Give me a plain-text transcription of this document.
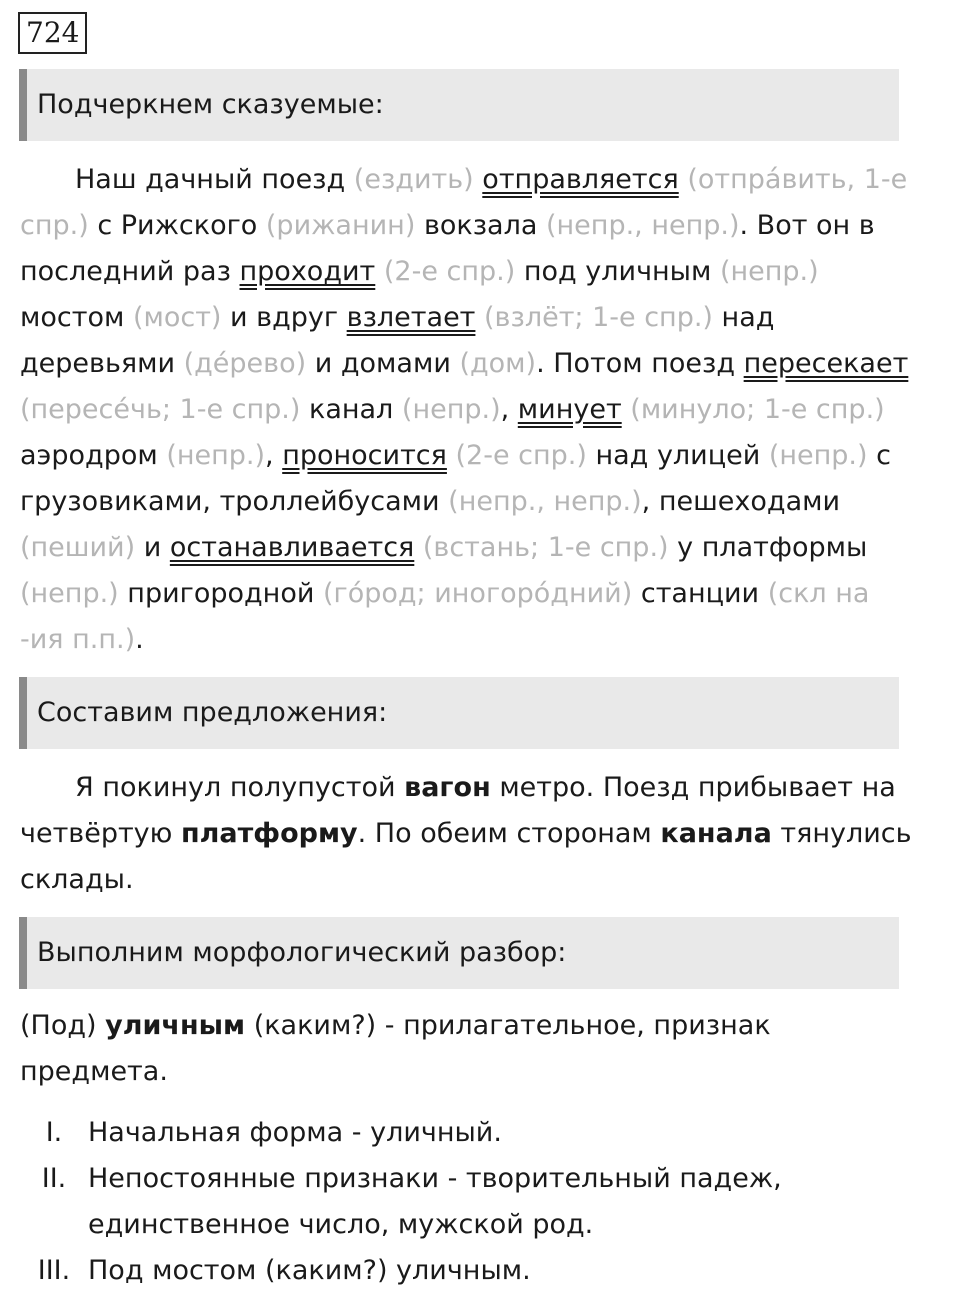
724
Подчеркнем сказуемые:
Наш дачный поезд (ездить) отправляется (отпра́вить, 1-е спр.) с Рижского (рижанин) вокзала (непр., непр.). Вот он в последний раз проходит (2-е спр.) под уличным (непр.) мостом (мост) и вдруг взлетает (взлёт; 1-е спр.) над деревьями (дéрево) и домами (дом). Потом поезд пересекает (пересéчь; 1-е спр.) канал (непр.), минует (минуло; 1-е спр.) аэродром (непр.), проносится (2-е спр.) над улицей (непр.) с грузовиками, троллейбусами (непр., непр.), пешеходами (пеший) и останавливается (встань; 1-е спр.) у платформы (непр.) пригородной (гóрод; иногорóдний) станции (скл на -ия п.п.).
Составим предложения:
Я покинул полупустой вагон метро. Поезд прибывает на четвёртую платформу. По обеим сторонам канала тянулись склады.
Выполним морфологический разбор:
(Под) уличным (каким?) - прилагательное, признак предмета.
I. Начальная форма - уличный.
II. Непостоянные признаки - творительный падеж, единственное число, мужской род.
III. Под мостом (каким?) уличным.
